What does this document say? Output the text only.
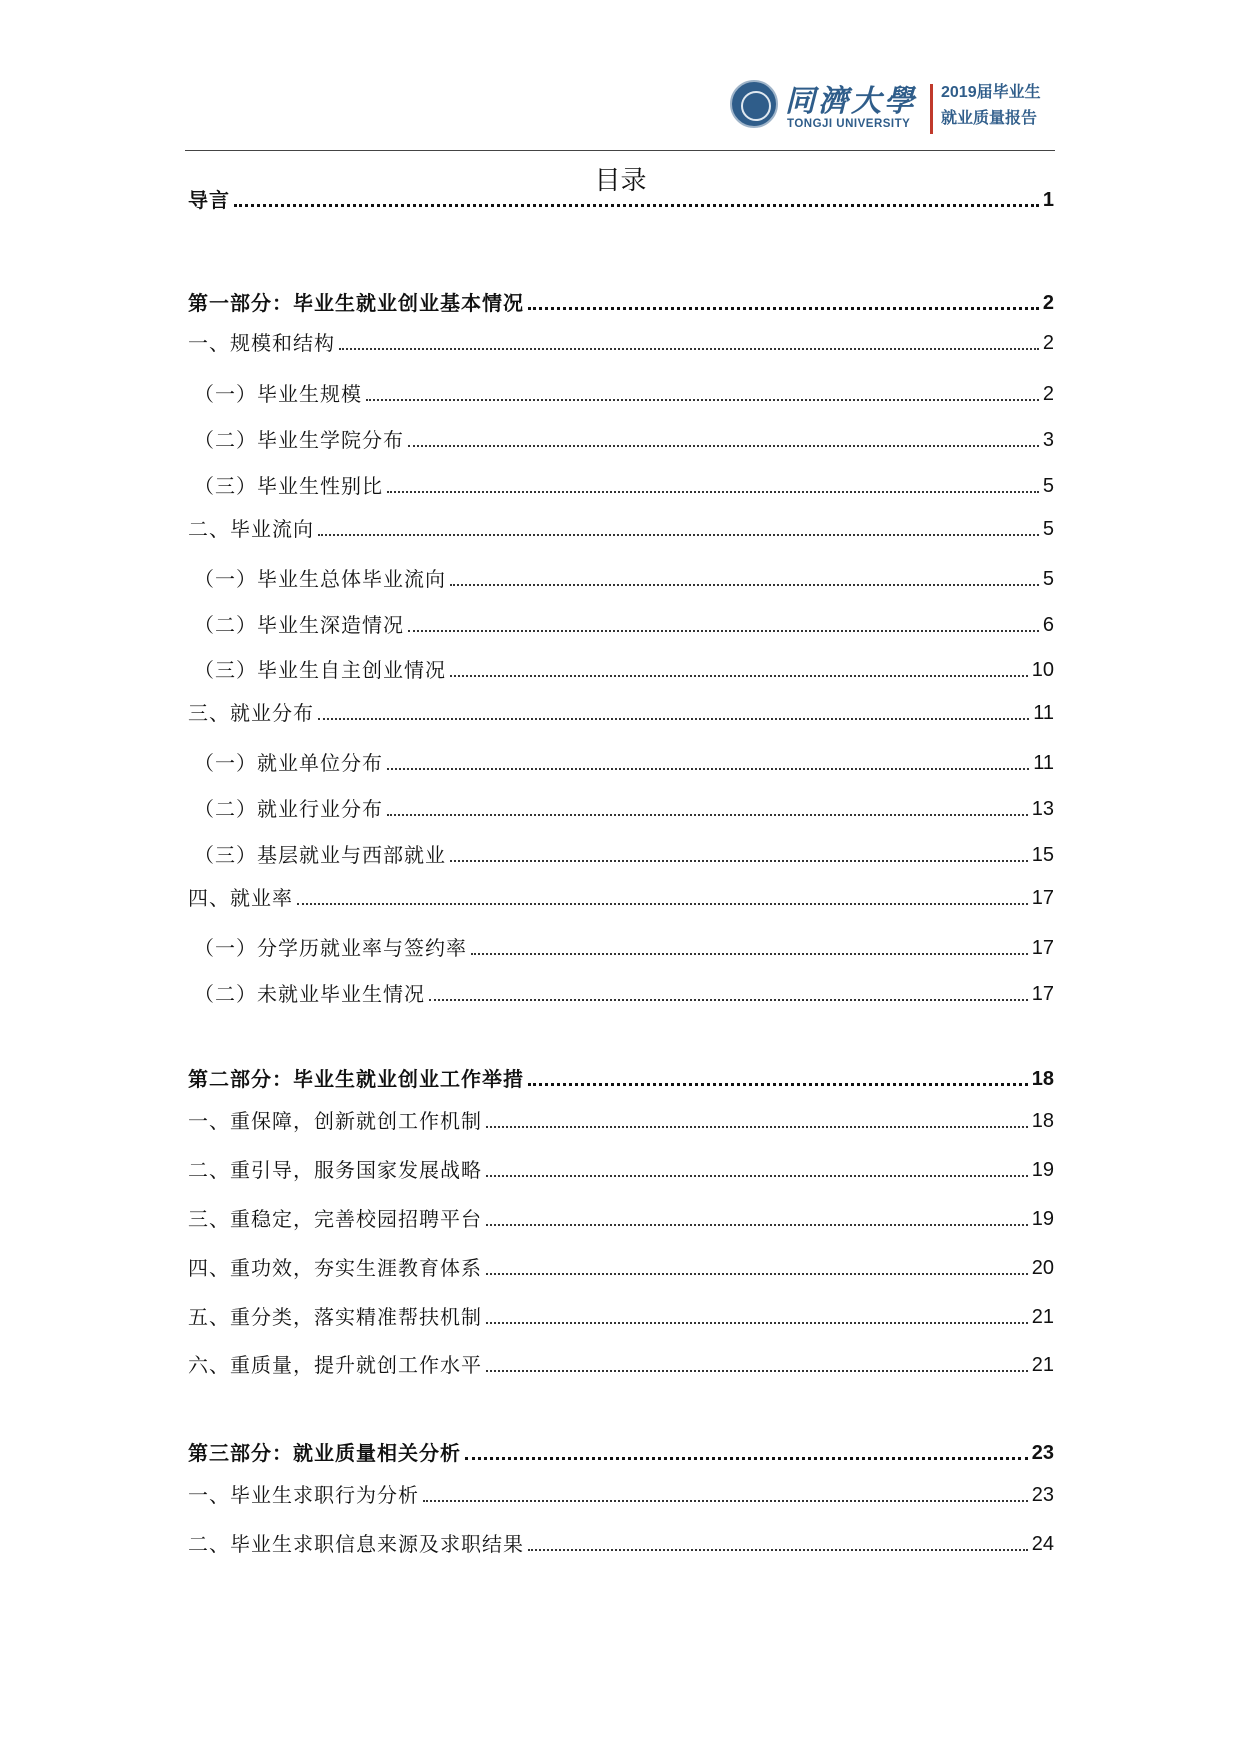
同濟大學
TONGJI UNIVERSITY
2019届毕业生
就业质量报告
目录
导言	1
第一部分：毕业生就业创业基本情况	2
一、规模和结构	2
（一）毕业生规模	2
（二）毕业生学院分布	3
（三）毕业生性别比	5
二、毕业流向	5
（一）毕业生总体毕业流向	5
（二）毕业生深造情况	6
（三）毕业生自主创业情况	10
三、就业分布	11
（一）就业单位分布	11
（二）就业行业分布	13
（三）基层就业与西部就业	15
四、就业率	17
（一）分学历就业率与签约率	17
（二）未就业毕业生情况	17
第二部分：毕业生就业创业工作举措	18
一、重保障，创新就创工作机制	18
二、重引导，服务国家发展战略	19
三、重稳定，完善校园招聘平台	19
四、重功效，夯实生涯教育体系	20
五、重分类，落实精准帮扶机制	21
六、重质量，提升就创工作水平	21
第三部分：就业质量相关分析	23
一、毕业生求职行为分析	23
二、毕业生求职信息来源及求职结果	24
